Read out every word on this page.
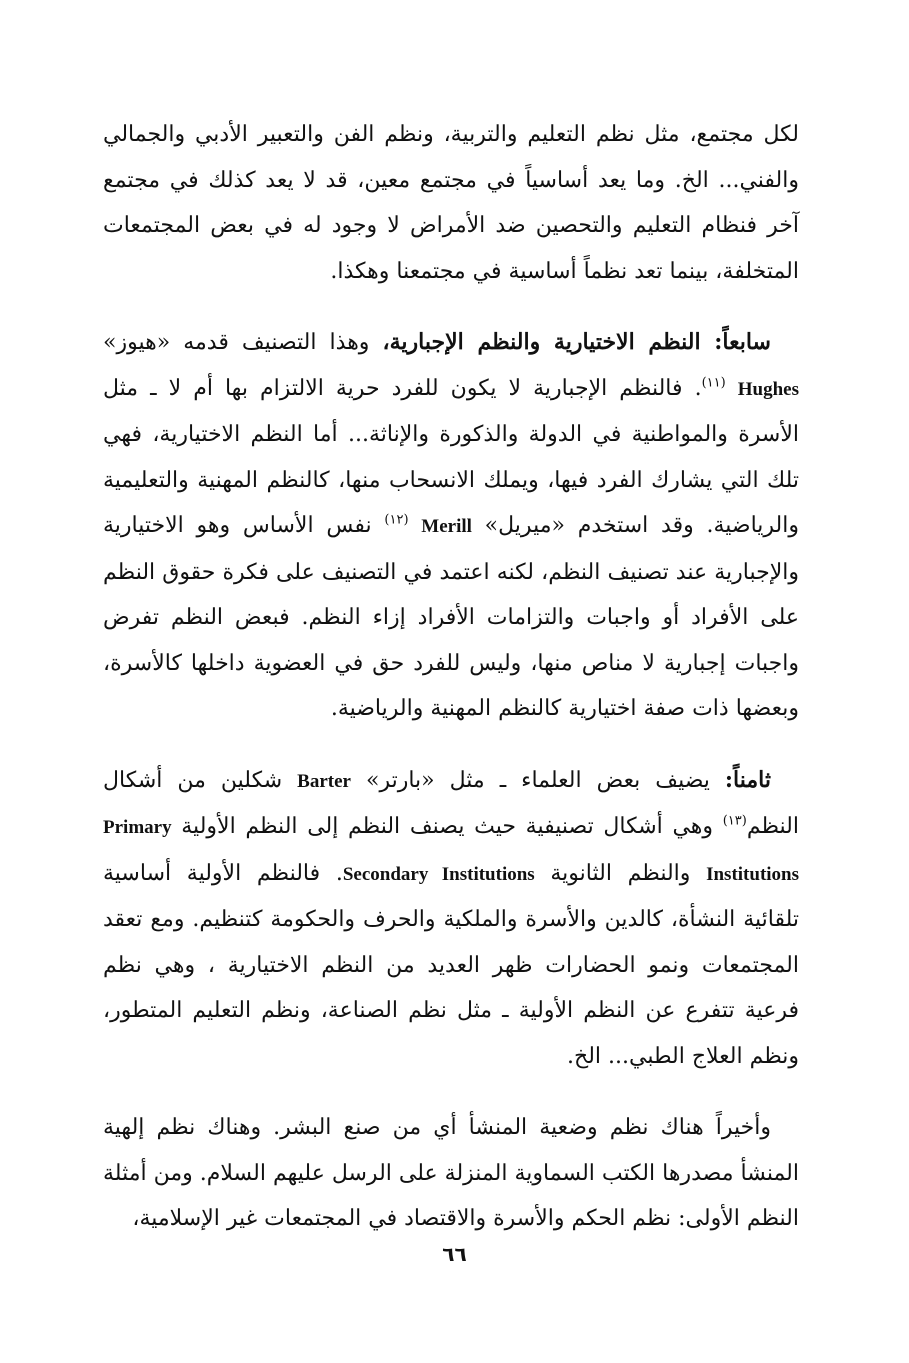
لكل مجتمع، مثل نظم التعليم والتربية، ونظم الفن والتعبير الأدبي والجمالي والفني... الخ. وما يعد أساسياً في مجتمع معين، قد لا يعد كذلك في مجتمع آخر فنظام التعليم والتحصين ضد الأمراض لا وجود له في بعض المجتمعات المتخلفة، بينما تعد نظماً أساسية في مجتمعنا وهكذا.

سابعاً: النظم الاختيارية والنظم الإجبارية، وهذا التصنيف قدمه «هيوز» Hughes $^{(١١)}$. فالنظم الإجبارية لا يكون للفرد حرية الالتزام بها أم لا ـ مثل الأسرة والمواطنية في الدولة والذكورة والإناثة... أما النظم الاختيارية، فهي تلك التي يشارك الفرد فيها، ويملك الانسحاب منها، كالنظم المهنية والتعليمية والرياضية. وقد استخدم «ميريل» Merill $^{(١٢)}$ نفس الأساس وهو الاختيارية والإجبارية عند تصنيف النظم، لكنه اعتمد في التصنيف على فكرة حقوق النظم على الأفراد أو واجبات والتزامات الأفراد إزاء النظم. فبعض النظم تفرض واجبات إجبارية لا مناص منها، وليس للفرد حق في العضوية داخلها كالأسرة، وبعضها ذات صفة اختيارية كالنظم المهنية والرياضية.

ثامناً: يضيف بعض العلماء ـ مثل «بارتر» Barter شكلين من أشكال النظم$^{(١٣)}$ وهي أشكال تصنيفية حيث يصنف النظم إلى النظم الأولية Primary Institutions والنظم الثانوية Secondary Institutions. فالنظم الأولية أساسية تلقائية النشأة، كالدين والأسرة والملكية والحرف والحكومة كتنظيم. ومع تعقد المجتمعات ونمو الحضارات ظهر العديد من النظم الاختيارية ، وهي نظم فرعية تتفرع عن النظم الأولية ـ مثل نظم الصناعة، ونظم التعليم المتطور، ونظم العلاج الطبي... الخ.

وأخيراً هناك نظم وضعية المنشأ أي من صنع البشر. وهناك نظم إلهية المنشأ مصدرها الكتب السماوية المنزلة على الرسل عليهم السلام. ومن أمثلة النظم الأولى: نظم الحكم والأسرة والاقتصاد في المجتمعات غير الإسلامية،

٦٦
